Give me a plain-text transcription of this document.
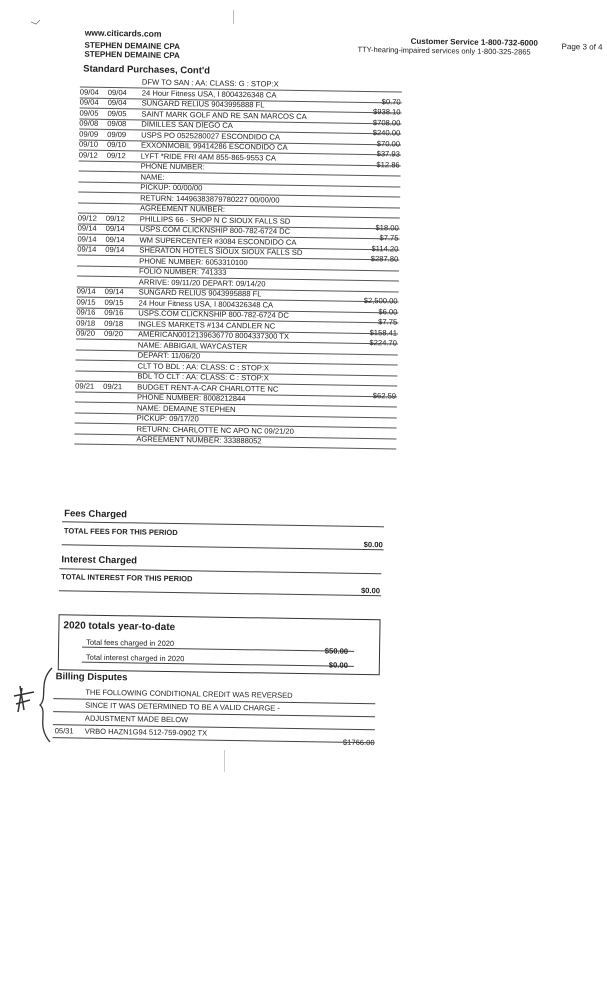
www.citicards.com
STEPHEN DEMAINE CPA
STEPHEN DEMAINE CPA
Customer Service 1-800-732-6000
TTY-hearing-impaired services only 1-800-325-2865	Page 3 of 4
Standard Purchases, Cont'd
DFW TO SAN : AA: CLASS: G : STOP:X
09/04 09/04 24 Hour Fitness USA, I 8004326348 CA
$0.70
09/04 09/04 SUNGARD RELIUS 9043995888 FL
$938.10
09/05 09/05 SAINT MARK GOLF AND RE SAN MARCOS CA
$708.00
09/08 09/08 DIMILLES SAN DIEGO CA
$240.00
09/09 09/09 USPS PO 0525280027 ESCONDIDO CA
$70.00
09/10 09/10 EXXONMOBIL 99414286 ESCONDIDO CA
$37.93
09/12 09/12 LYFT *RIDE FRI 4AM 855-865-9553 CA
$12.86
PHONE NUMBER:
NAME:
PICKUP: 00/00/00
RETURN: 14496383879780227 00/00/00
AGREEMENT NUMBER:
09/12 09/12 PHILLIPS 66 - SHOP N C SIOUX FALLS SD
$18.00
09/14 09/14 USPS.COM CLICKNSHIP 800-782-6724 DC
$7.75
09/14 09/14 WM SUPERCENTER #3084 ESCONDIDO CA
$114.20
09/14 09/14 SHERATON HOTELS SIOUX SIOUX FALLS SD
$287.80
PHONE NUMBER: 6053310100
FOLIO NUMBER: 741333
ARRIVE: 09/11/20 DEPART: 09/14/20
09/14 09/14 SUNGARD RELIUS 9043995888 FL
$2,500.00
09/15 09/15 24 Hour Fitness USA, I 8004326348 CA
$6.00
09/16 09/16 USPS.COM CLICKNSHIP 800-782-6724 DC
$7.75
09/18 09/18 INGLES MARKETS #134 CANDLER NC
$158.41
09/20 09/20 AMERICAN0012139636770 8004337300 TX
$224.70
NAME: ABBIGAIL WAYCASTER
DEPART: 11/06/20
CLT TO BDL : AA: CLASS: C : STOP:X
BDL TO CLT : AA: CLASS: C : STOP:X
09/21 09/21 BUDGET RENT-A-CAR CHARLOTTE NC
$62.59
PHONE NUMBER: 8008212844
NAME: DEMAINE STEPHEN
PICKUP: 09/17/20
RETURN: CHARLOTTE NC APO NC 09/21/20
AGREEMENT NUMBER: 333888052
Fees Charged
TOTAL FEES FOR THIS PERIOD
$0.00
Interest Charged
TOTAL INTEREST FOR THIS PERIOD
$0.00
2020 totals year-to-date
Total fees charged in 2020
$50.00
Total interest charged in 2020
$0.00
Billing Disputes
THE FOLLOWING CONDITIONAL CREDIT WAS REVERSED
SINCE IT WAS DETERMINED TO BE A VALID CHARGE -
ADJUSTMENT MADE BELOW
05/31 VRBO HAZN1G94 512-759-0902 TX
$1766.00
